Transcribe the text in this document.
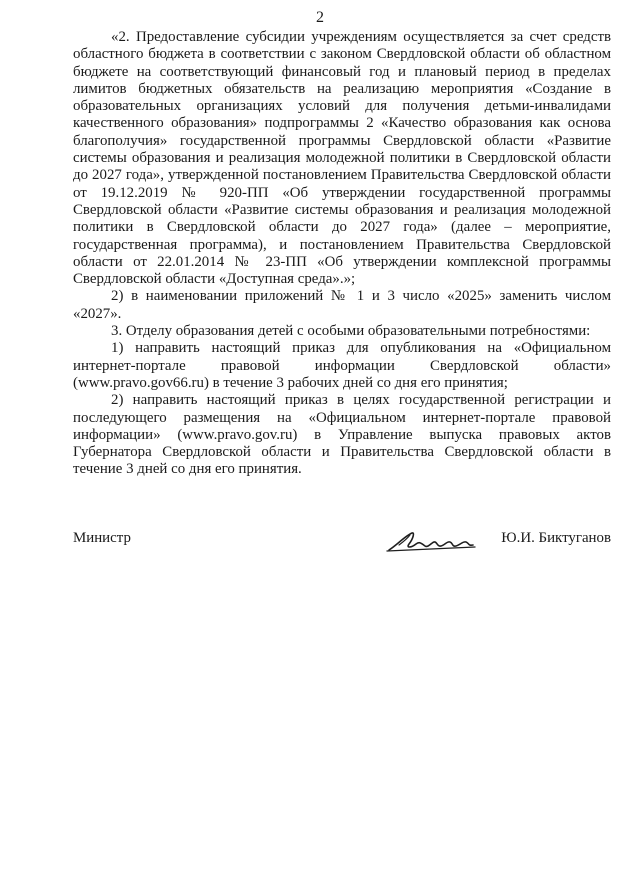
2

«2. Предоставление субсидии учреждениям осуществляется за счет средств областного бюджета в соответствии с законом Свердловской области об областном бюджете на соответствующий финансовый год и плановый период в пределах лимитов бюджетных обязательств на реализацию мероприятия «Создание в образовательных организациях условий для получения детьми-инвалидами качественного образования» подпрограммы 2 «Качество образования как основа благополучия» государственной программы Свердловской области «Развитие системы образования и реализация молодежной политики в Свердловской области до 2027 года», утвержденной постановлением Правительства Свердловской области от 19.12.2019 № 920-ПП «Об утверждении государственной программы Свердловской области «Развитие системы образования и реализация молодежной политики в Свердловской области до 2027 года» (далее – мероприятие, государственная программа), и постановлением Правительства Свердловской области от 22.01.2014 № 23-ПП «Об утверждении комплексной программы Свердловской области «Доступная среда».»;

2) в наименовании приложений № 1 и 3 число «2025» заменить числом «2027».

3. Отделу образования детей с особыми образовательными потребностями:

1) направить настоящий приказ для опубликования на «Официальном интернет-портале правовой информации Свердловской области» (www.pravo.gov66.ru) в течение 3 рабочих дней со дня его принятия;

2) направить настоящий приказ в целях государственной регистрации и последующего размещения на «Официальном интернет-портале правовой информации» (www.pravo.gov.ru) в Управление выпуска правовых актов Губернатора Свердловской области и Правительства Свердловской области в течение 3 дней со дня его принятия.

Министр	Ю.И. Биктуганов
